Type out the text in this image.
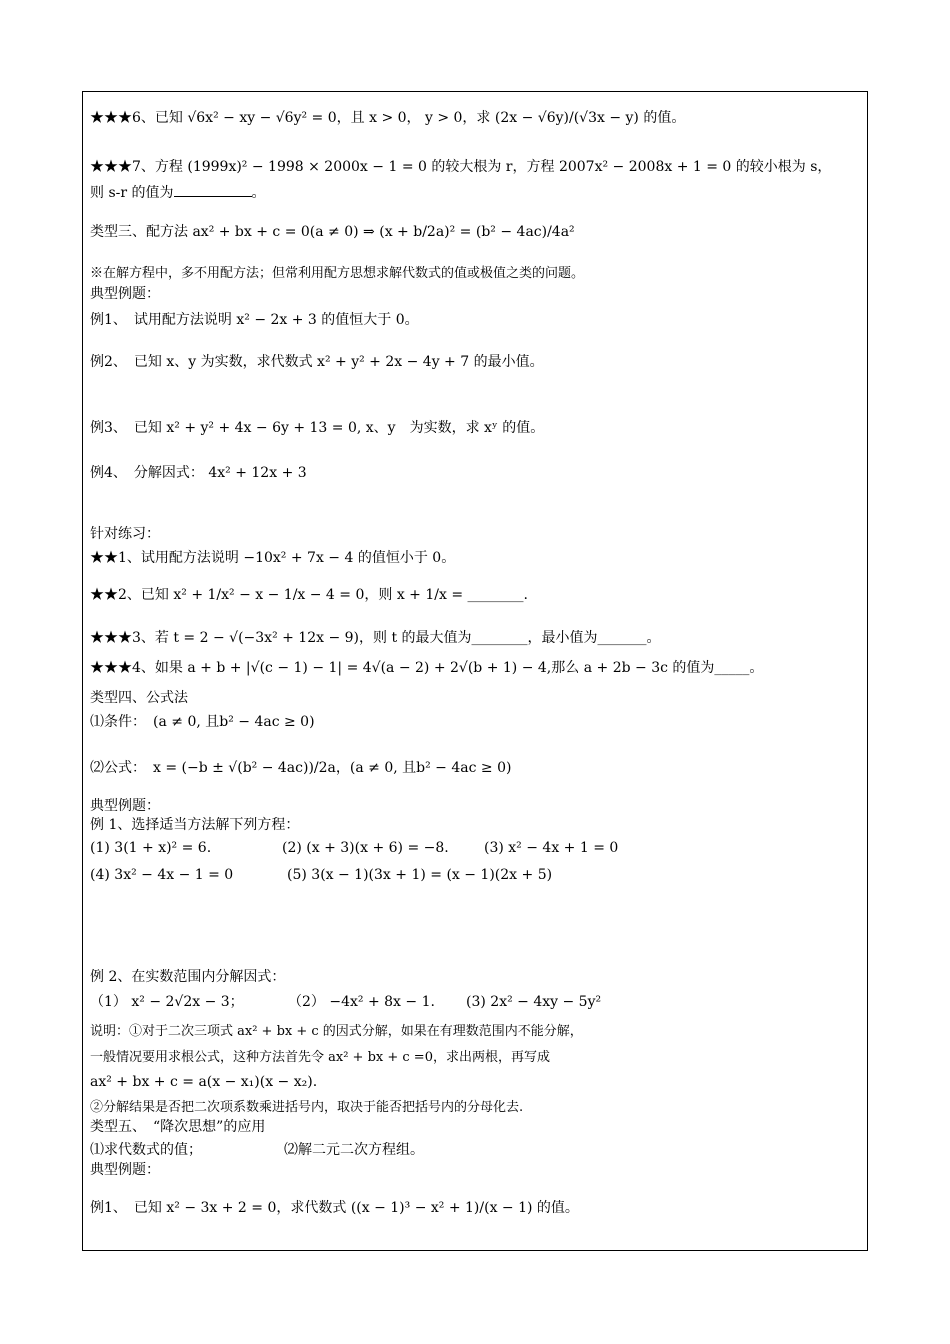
★★★6、已知 √6x² − xy − √6y² = 0，且 x > 0， y > 0，求 (2x − √6y)/(√3x − y) 的值。
★★★7、方程 (1999x)² − 1998 × 2000x − 1 = 0 的较大根为 r，方程 2007x² − 2008x + 1 = 0 的较小根为 s，
则 s-r 的值为	。
类型三、配方法 ax² + bx + c = 0(a ≠ 0) ⇒ (x + b/2a)² = (b² − 4ac)/4a²
※在解方程中，多不用配方法；但常利用配方思想求解代数式的值或极值之类的问题。
典型例题：
例1、　试用配方法说明 x² − 2x + 3 的值恒大于 0。
例2、　已知 x、y 为实数，求代数式 x² + y² + 2x − 4y + 7 的最小值。
例3、　已知 x² + y² + 4x − 6y + 13 = 0, x、y　为实数，求 xʸ 的值。
例4、　分解因式： 4x² + 12x + 3
针对练习：
★★1、试用配方法说明 −10x² + 7x − 4 的值恒小于 0。
★★2、已知 x² + 1/x² − x − 1/x − 4 = 0，则 x + 1/x = ________.
★★★3、若 t = 2 − √(−3x² + 12x − 9)，则 t 的最大值为________，最小值为_______。
★★★4、如果 a + b + |√(c − 1) − 1| = 4√(a − 2) + 2√(b + 1) − 4,那么 a + 2b − 3c 的值为_____。
类型四、公式法
⑴条件：　(a ≠ 0, 且b² − 4ac ≥ 0)
⑵公式：　x = (−b ± √(b² − 4ac))/2a，(a ≠ 0, 且b² − 4ac ≥ 0)
典型例题：
例 1、选择适当方法解下列方程：
(1) 3(1 + x)² = 6.	(2) (x + 3)(x + 6) = −8.	(3) x² − 4x + 1 = 0
(4) 3x² − 4x − 1 = 0	(5) 3(x − 1)(3x + 1) = (x − 1)(2x + 5)
例 2、在实数范围内分解因式：
（1） x² − 2√2x − 3；	（2） −4x² + 8x − 1. (3) 2x² − 4xy − 5y²
说明：①对于二次三项式 ax² + bx + c 的因式分解，如果在有理数范围内不能分解，
一般情况要用求根公式，这种方法首先令 ax² + bx + c =0，求出两根，再写成
ax² + bx + c = a(x − x₁)(x − x₂).
②分解结果是否把二次项系数乘进括号内，取决于能否把括号内的分母化去.
类型五、　“降次思想”的应用
⑴求代数式的值；	⑵解二元二次方程组。
典型例题：
例1、　已知 x² − 3x + 2 = 0，求代数式 ((x − 1)³ − x² + 1)/(x − 1) 的值。
